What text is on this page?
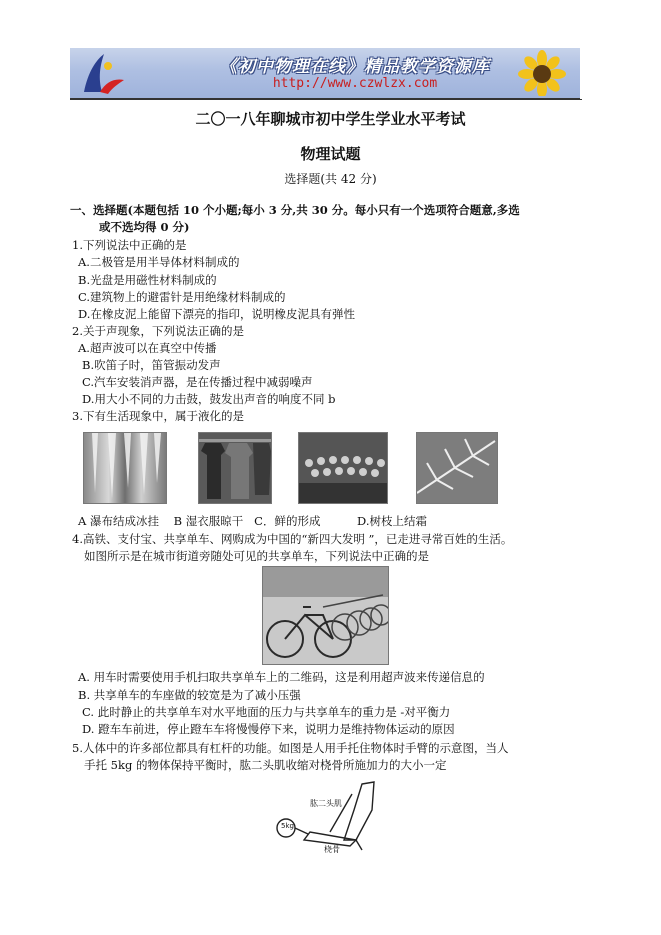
《初中物理在线》精品教学资源库
http://www.czwlzx.com
二〇一八年聊城市初中学生学业水平考试
物理试题
选择题(共 42 分)
一、选择题(本题包括 10 个小题;每小 3 分,共 30 分。每小只有一个选项符合题意,多选
或不选均得 0 分)
1.下列说法中正确的是
A.二极管是用半导体材料制成的
B.光盘是用磁性材料制成的
C.建筑物上的避雷针是用绝缘材料制成的
D.在橡皮泥上能留下漂亮的指印，说明橡皮泥具有弹性
2.关于声现象，下列说法正确的是
A.超声波可以在真空中传播
B.吹笛子时，笛管振动发声
C.汽车安装消声器，是在传播过程中减弱噪声
D.用大小不同的力击鼓，鼓发出声音的响度不同 b
3.下有生活现象中，属于液化的是
A 瀑布结成冰挂    B 湿衣服晾干   C．鲜的形成          D.树枝上结霜
4.高铁、支付宝、共享单车、网购成为中国的“新四大发明 ”，已走进寻常百姓的生活。
如图所示是在城市街道旁随处可见的共享单车，下列说法中正确的是
A. 用车时需要使用手机扫取共享单车上的二维码，这是利用超声波来传递信息的
B. 共享单车的车座做的较宽是为了减小压强
C. 此时静止的共享单车对水平地面的压力与共享单车的重力是 -对平衡力
D. 蹬车车前进，停止蹬车车将慢慢停下来，说明力是维持物体运动的原因
5.人体中的许多部位都具有杠杆的功能。如图是人用手托住物体时手臂的示意图，当人
手托 5kg 的物体保持平衡时，肱二头肌收缩对桡骨所施加力的大小一定
5kg
肱二头肌
桡骨
